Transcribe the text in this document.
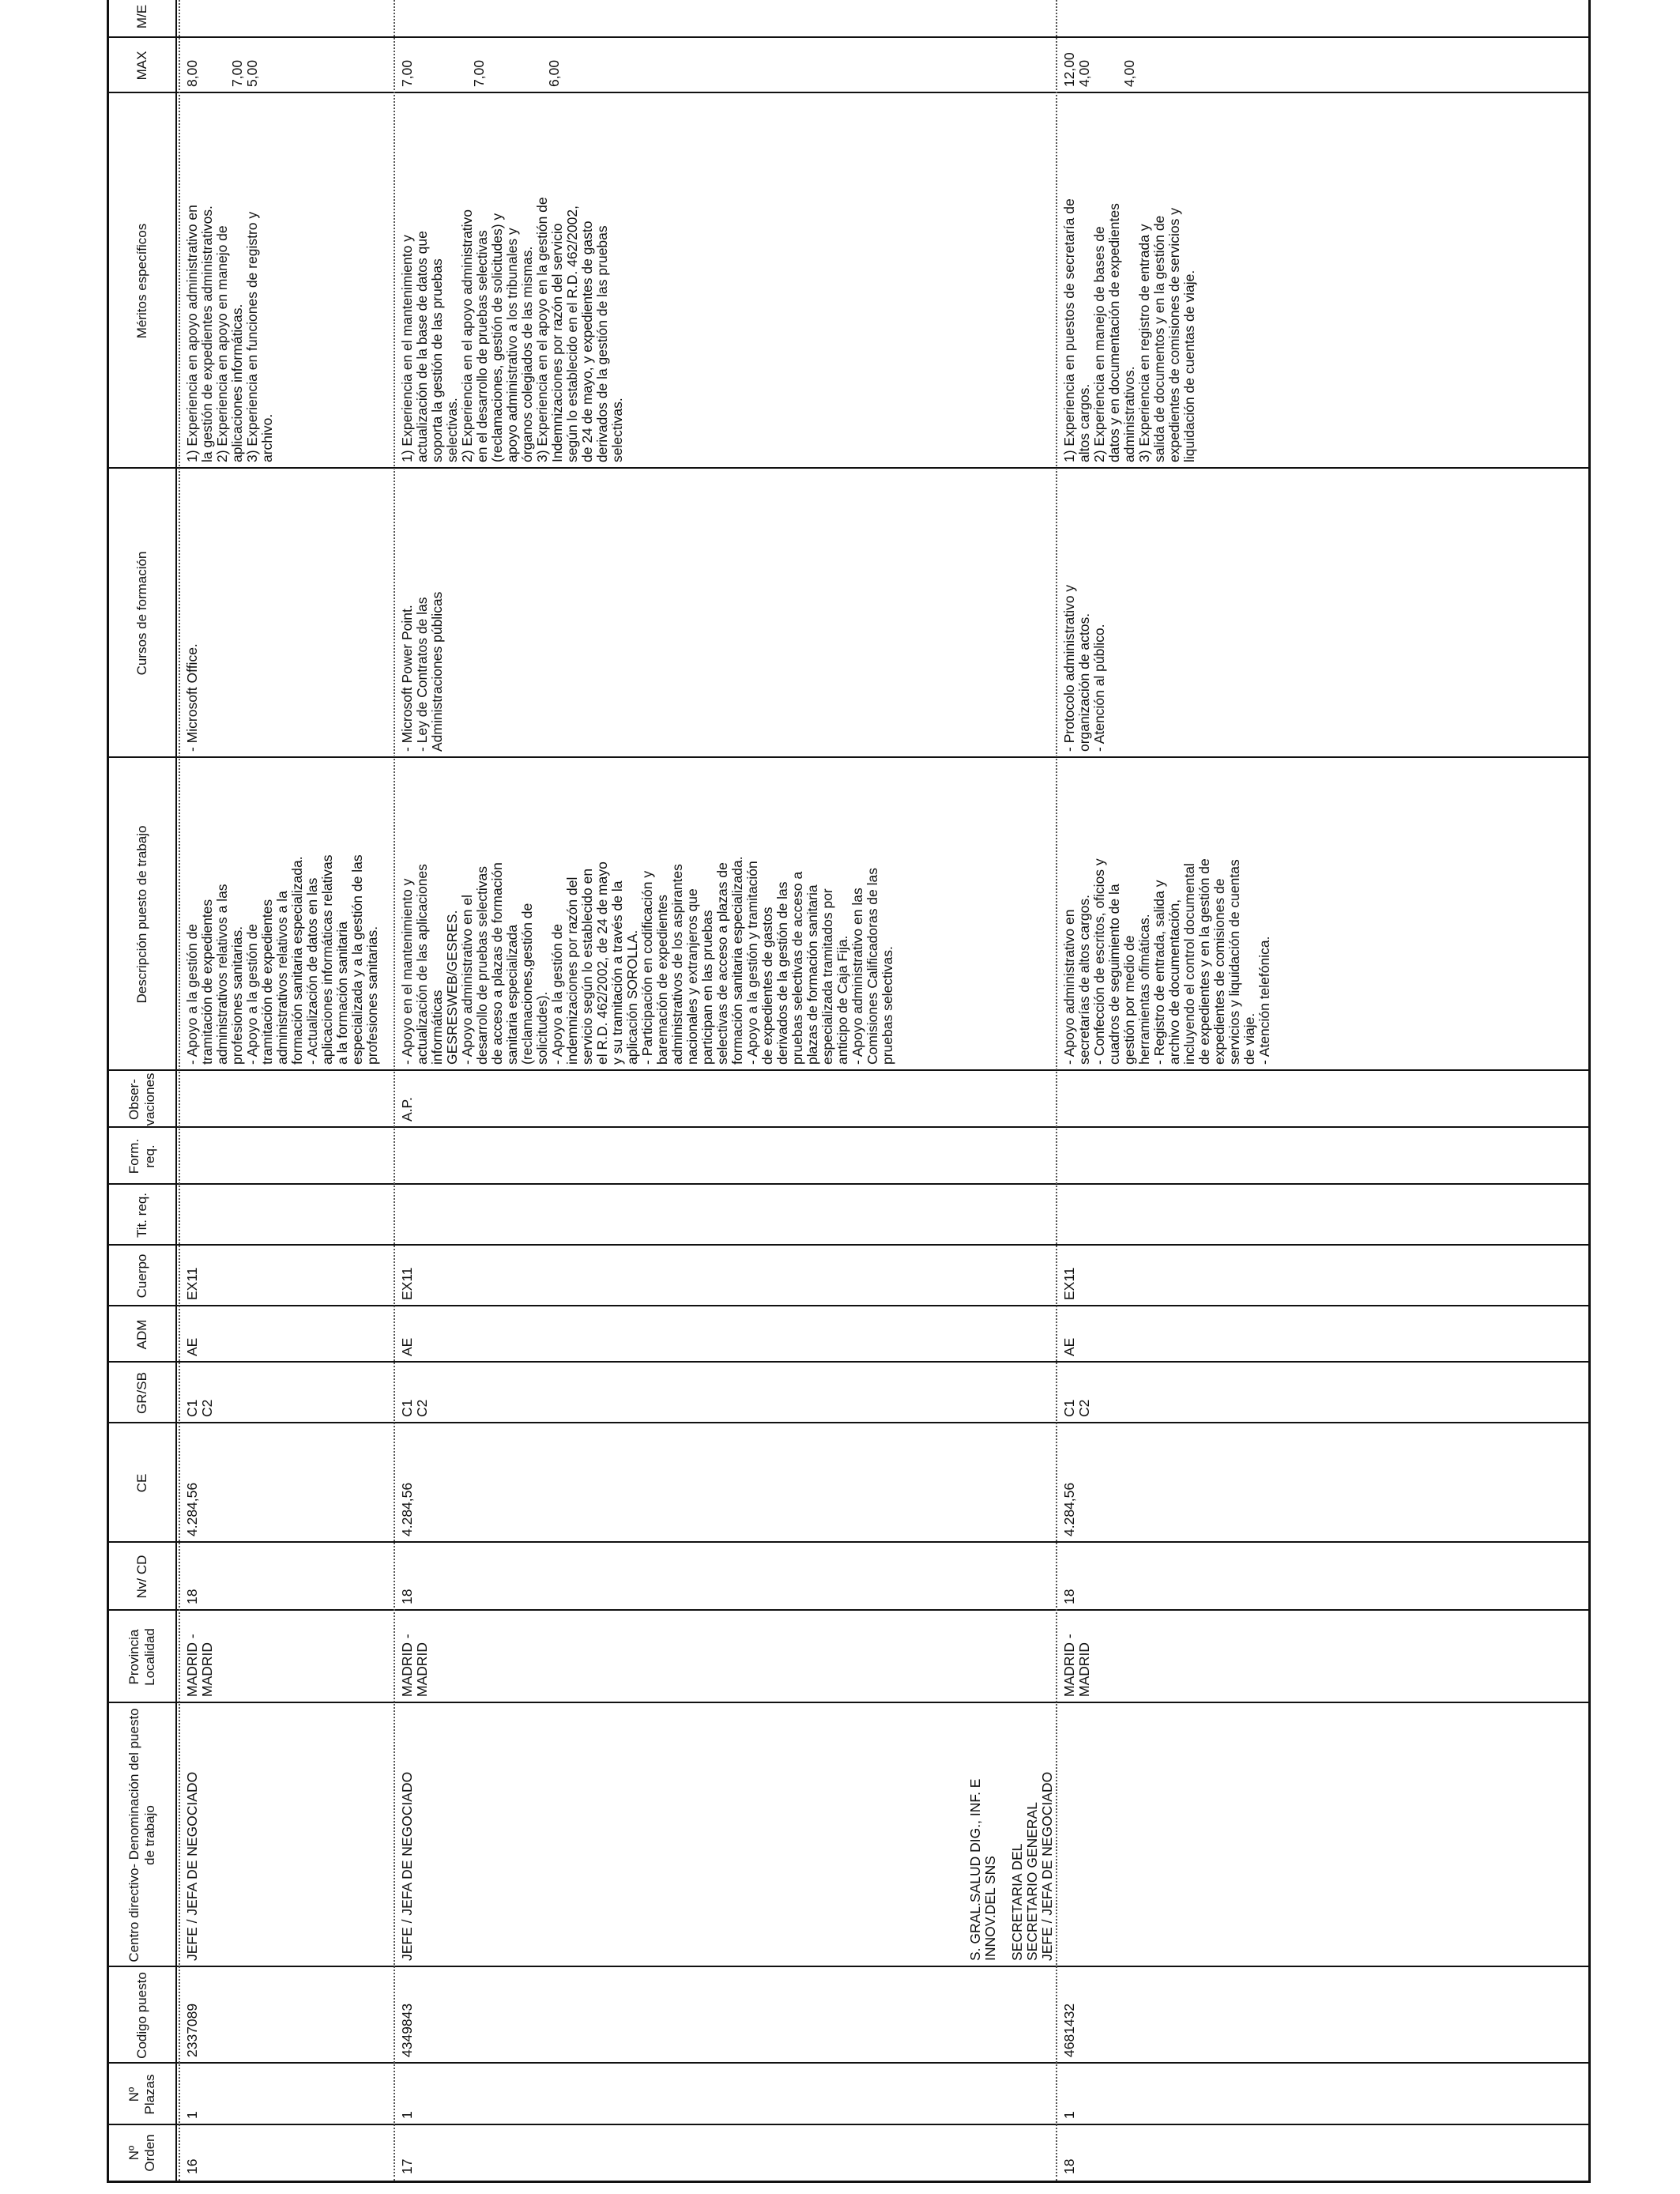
Nº Orden
Nº Plazas
Codigo puesto
Centro directivo- Denominación del puesto de trabajo
Provincia Localidad
Nv/ CD
CE
GR/SB
ADM
Cuerpo
Tit. req.
Form. req.
Obser- vaciones
Descripción puesto de trabajo
Cursos de formación
Méritos específicos
MAX
M/E
16
1
2337089
JEFE / JEFA DE NEGOCIADO
MADRID -
MADRID
18
4.284,56
C1
C2
AE
EX11
- Apoyo a la gestión de
tramitación de expedientes
administrativos relativos a las
profesiones sanitarias.
- Apoyo a la gestión de
tramitación de expedientes
administrativos relativos a la
formación sanitaria especializada.
- Actualización de datos en las
aplicaciones informáticas relativas
a la formación sanitaria
especializada y a la gestión de las
profesiones sanitarias.
- Microsoft Office.
1) Experiencia en apoyo administrativo en
la gestión de expedientes administrativos.
2) Experiencia en apoyo en manejo de
aplicaciones informáticas.
3) Experiencia en funciones de registro y
archivo.
8,00 7,00 5,00
17
1
4349843
JEFE / JEFA DE NEGOCIADO
MADRID -
MADRID
18
4.284,56
C1
C2
AE
EX11
A.P.
- Apoyo en el mantenimiento y
actualización de las aplicaciones
informáticas
GESRESWEB/GESRES.
- Apoyo administrativo en el
desarrollo de pruebas selectivas
de acceso a plazas de formación
sanitaria especializada
(reclamaciones,gestión de
solicitudes).
- Apoyo a la gestión de
indemnizaciones por razón del
servicio según lo establecido en
el R.D. 462/2002, de 24 de mayo
y su tramitación a través de la
aplicación SOROLLA.
- Participación en codificación y
baremación de expedientes
administrativos de los aspirantes
nacionales y extranjeros que
participan en las pruebas
selectivas de acceso a plazas de
formación sanitaria especializada.
- Apoyo a la gestión y tramitación
de expedientes de gastos
derivados de la gestión de las
pruebas selectivas de acceso a
plazas de formación sanitaria
especializada tramitados por
anticipo de Caja Fija.
- Apoyo administrativo en las
Comisiones Calificadoras de las
pruebas selectivas.
- Microsoft Power Point.
- Ley de Contratos de las
Administraciones públicas
1) Experiencia en el mantenimiento y
actualización de la base de datos que
soporta la gestión de las pruebas
selectivas.
2) Experiencia en el apoyo administrativo
en el desarrollo de pruebas selectivas
(reclamaciones, gestión de solicitudes) y
apoyo administrativo a los tribunales y
órganos colegiados de las mismas.
3) Experiencia en el apoyo en la gestión de
Indemnizaciones por razón del servicio
según lo establecido en el R.D. 462/2002,
de 24 de mayo, y expedientes de gasto
derivados de la gestión de las pruebas
selectivas.
7,00	7,00	6,00
S. GRAL.SALUD DIG., INF. E
INNOV.DEL SNS
SECRETARIA DEL
SECRETARIO GENERAL
18
1
4681432
JEFE / JEFA DE NEGOCIADO
MADRID -
MADRID
18
4.284,56
C1
C2
AE
EX11
- Apoyo administrativo en
secretarías de altos cargos.
- Confección de escritos, oficios y
cuadros de seguimiento de la
gestión por medio de
herramientas ofimáticas.
- Registro de entrada, salida y
archivo de documentación,
incluyendo el control documental
de expedientes y en la gestión de
expedientes de comisiones de
servicios y liquidación de cuentas
de viaje.
- Atención telefónica.
- Protocolo administrativo y
organización de actos.
- Atención al público.
1) Experiencia en puestos de secretaría de
altos cargos.
2) Experiencia en manejo de bases de
datos y en documentación de expedientes
administrativos.
3) Experiencia en registro de entrada y
salida de documentos y en la gestión de
expedientes de comisiones de servicios y
liquidación de cuentas de viaje.
12,00 4,00 4,00
